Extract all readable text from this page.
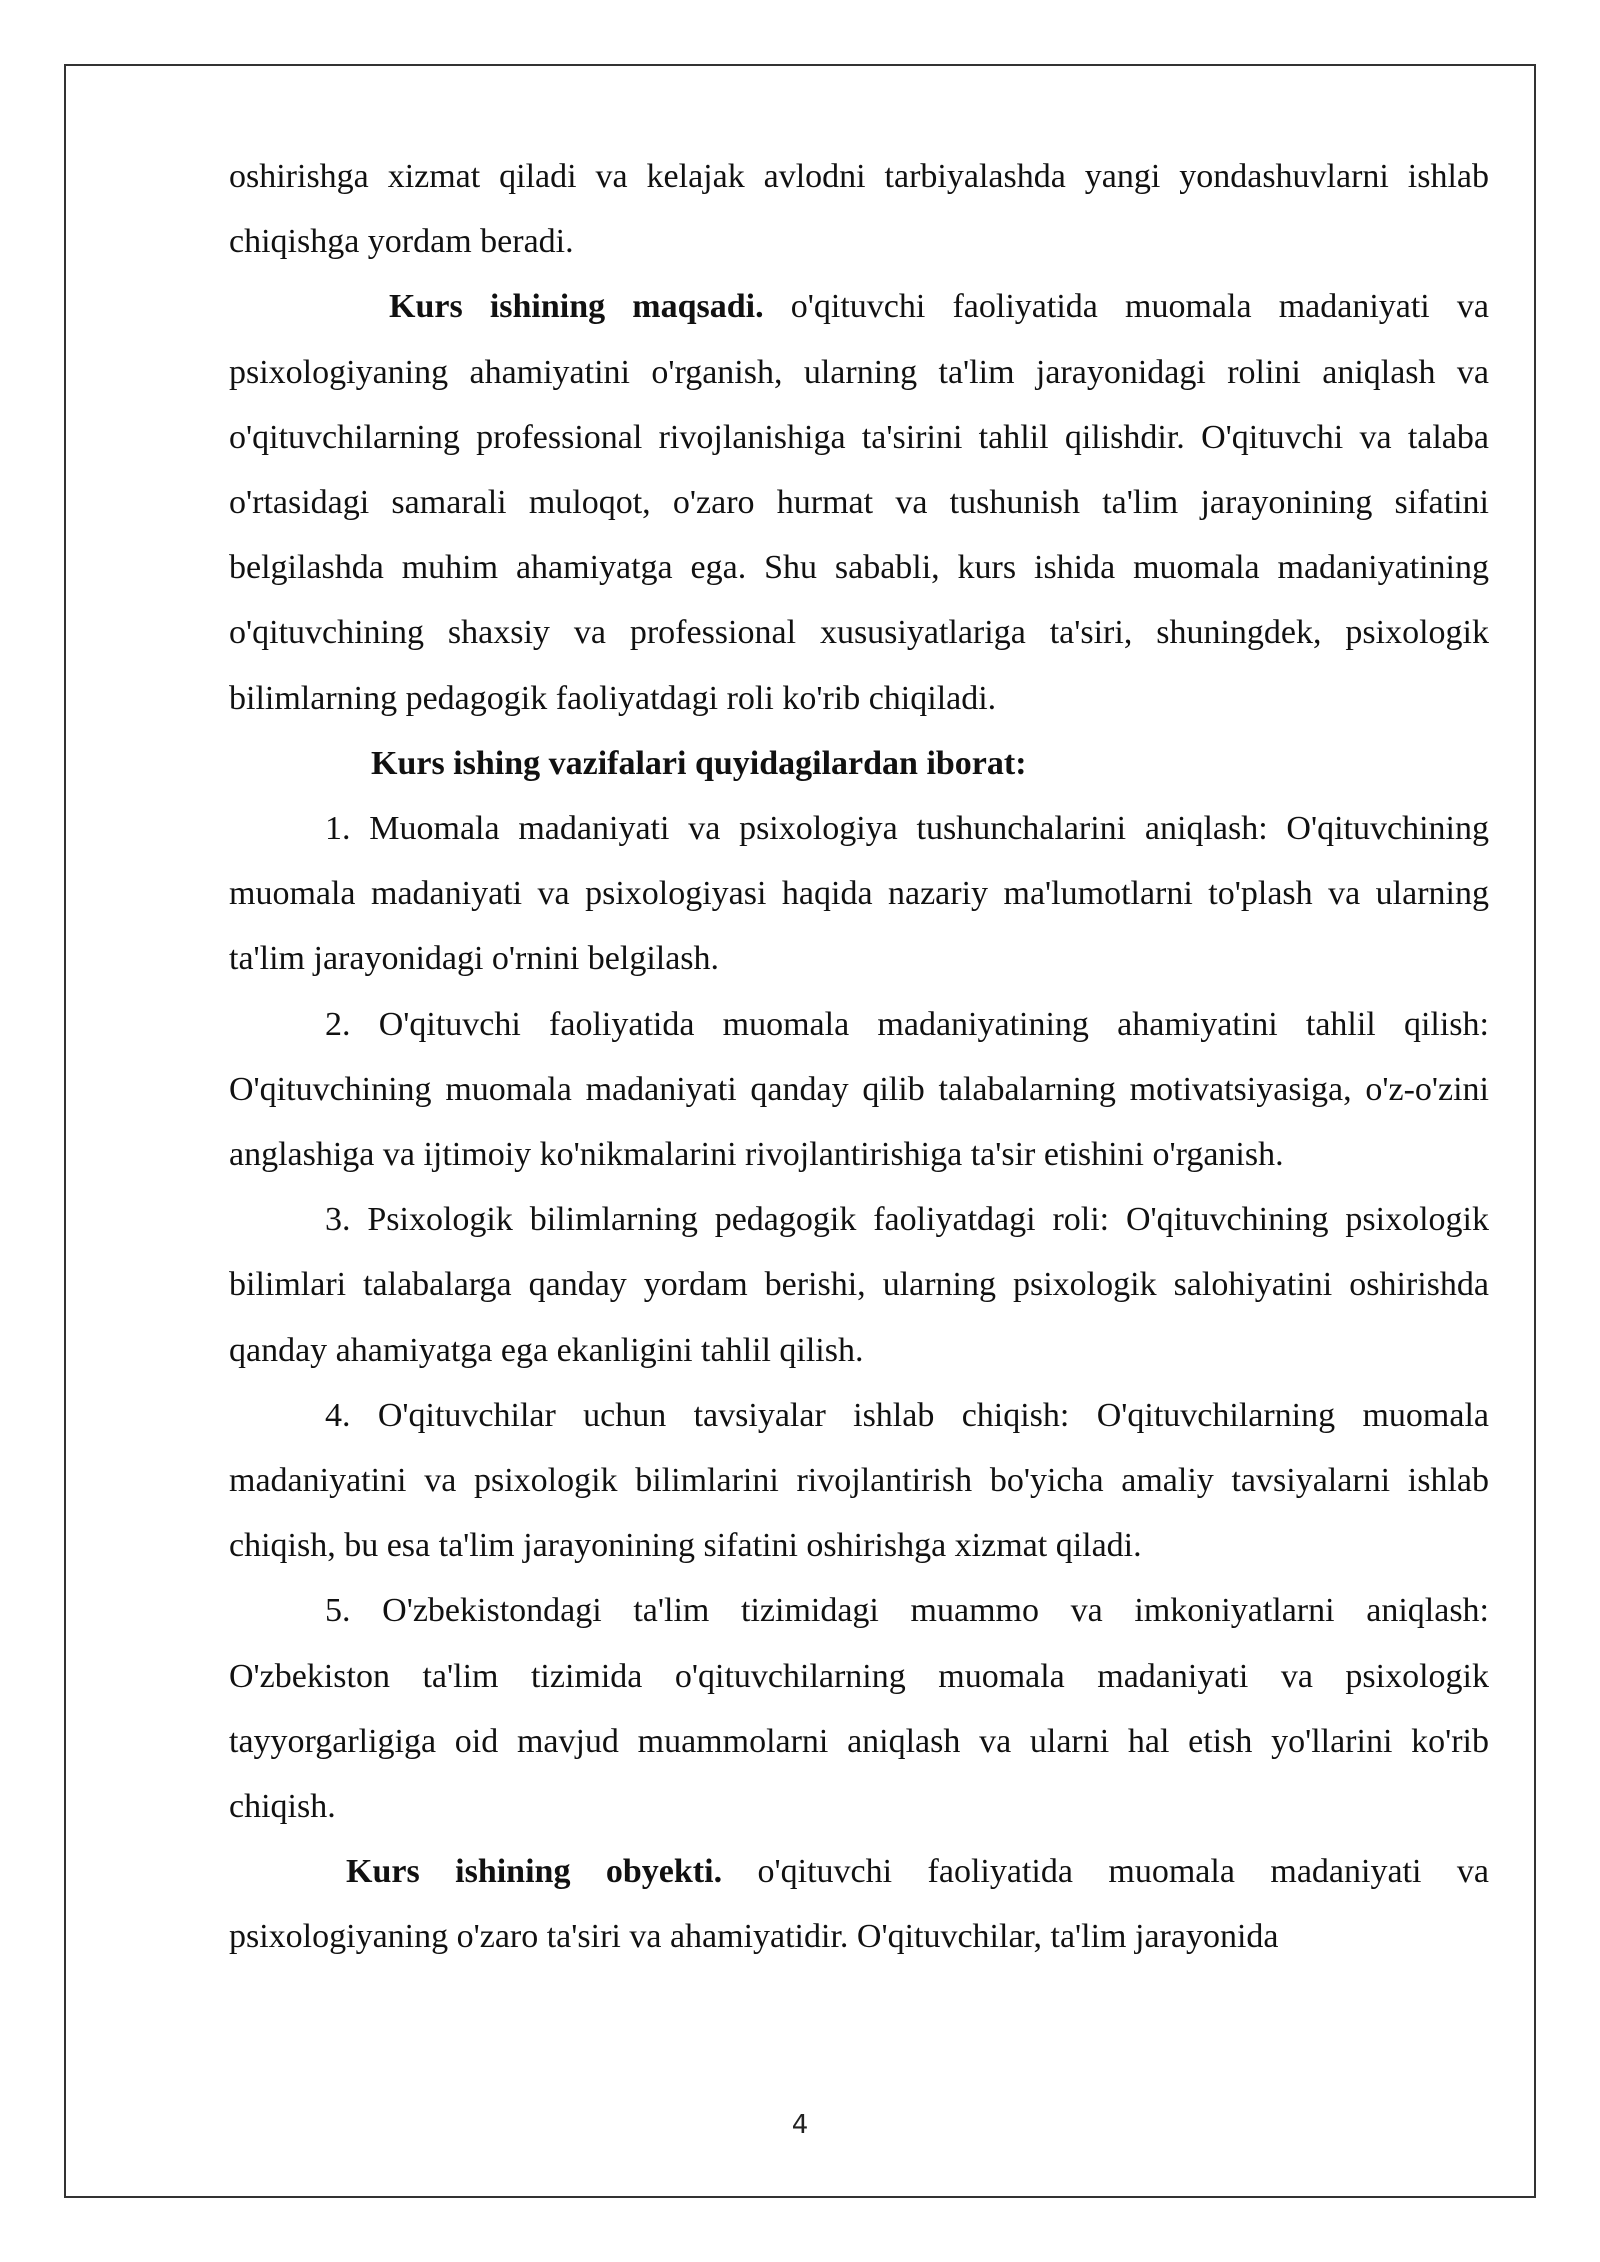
oshirishga xizmat qiladi va kelajak avlodni tarbiyalashda yangi yondashuvlarni ishlab chiqishga yordam beradi.

Kurs ishining maqsadi. o'qituvchi faoliyatida muomala madaniyati va psixologiyaning ahamiyatini o'rganish, ularning ta'lim jarayonidagi rolini aniqlash va o'qituvchilarning professional rivojlanishiga ta'sirini tahlil qilishdir. O'qituvchi va talaba o'rtasidagi samarali muloqot, o'zaro hurmat va tushunish ta'lim jarayonining sifatini belgilashda muhim ahamiyatga ega. Shu sababli, kurs ishida muomala madaniyatining o'qituvchining shaxsiy va professional xususiyatlariga ta'siri, shuningdek, psixologik bilimlarning pedagogik faoliyatdagi roli ko'rib chiqiladi.

Kurs ishing vazifalari quyidagilardan iborat:

1. Muomala madaniyati va psixologiya tushunchalarini aniqlash: O'qituvchining muomala madaniyati va psixologiyasi haqida nazariy ma'lumotlarni to'plash va ularning ta'lim jarayonidagi o'rnini belgilash.

2. O'qituvchi faoliyatida muomala madaniyatining ahamiyatini tahlil qilish: O'qituvchining muomala madaniyati qanday qilib talabalarning motivatsiyasiga, o'z-o'zini anglashiga va ijtimoiy ko'nikmalarini rivojlantirishiga ta'sir etishini o'rganish.

3. Psixologik bilimlarning pedagogik faoliyatdagi roli: O'qituvchining psixologik bilimlari talabalarga qanday yordam berishi, ularning psixologik salohiyatini oshirishda qanday ahamiyatga ega ekanligini tahlil qilish.

4. O'qituvchilar uchun tavsiyalar ishlab chiqish: O'qituvchilarning muomala madaniyatini va psixologik bilimlarini rivojlantirish bo'yicha amaliy tavsiyalarni ishlab chiqish, bu esa ta'lim jarayonining sifatini oshirishga xizmat qiladi.

5. O'zbekistondagi ta'lim tizimidagi muammo va imkoniyatlarni aniqlash: O'zbekiston ta'lim tizimida o'qituvchilarning muomala madaniyati va psixologik tayyorgarligiga oid mavjud muammolarni aniqlash va ularni hal etish yo'llarini ko'rib chiqish.

Kurs ishining obyekti. o'qituvchi faoliyatida muomala madaniyati va psixologiyaning o'zaro ta'siri va ahamiyatidir. O'qituvchilar, ta'lim jarayonida

4
